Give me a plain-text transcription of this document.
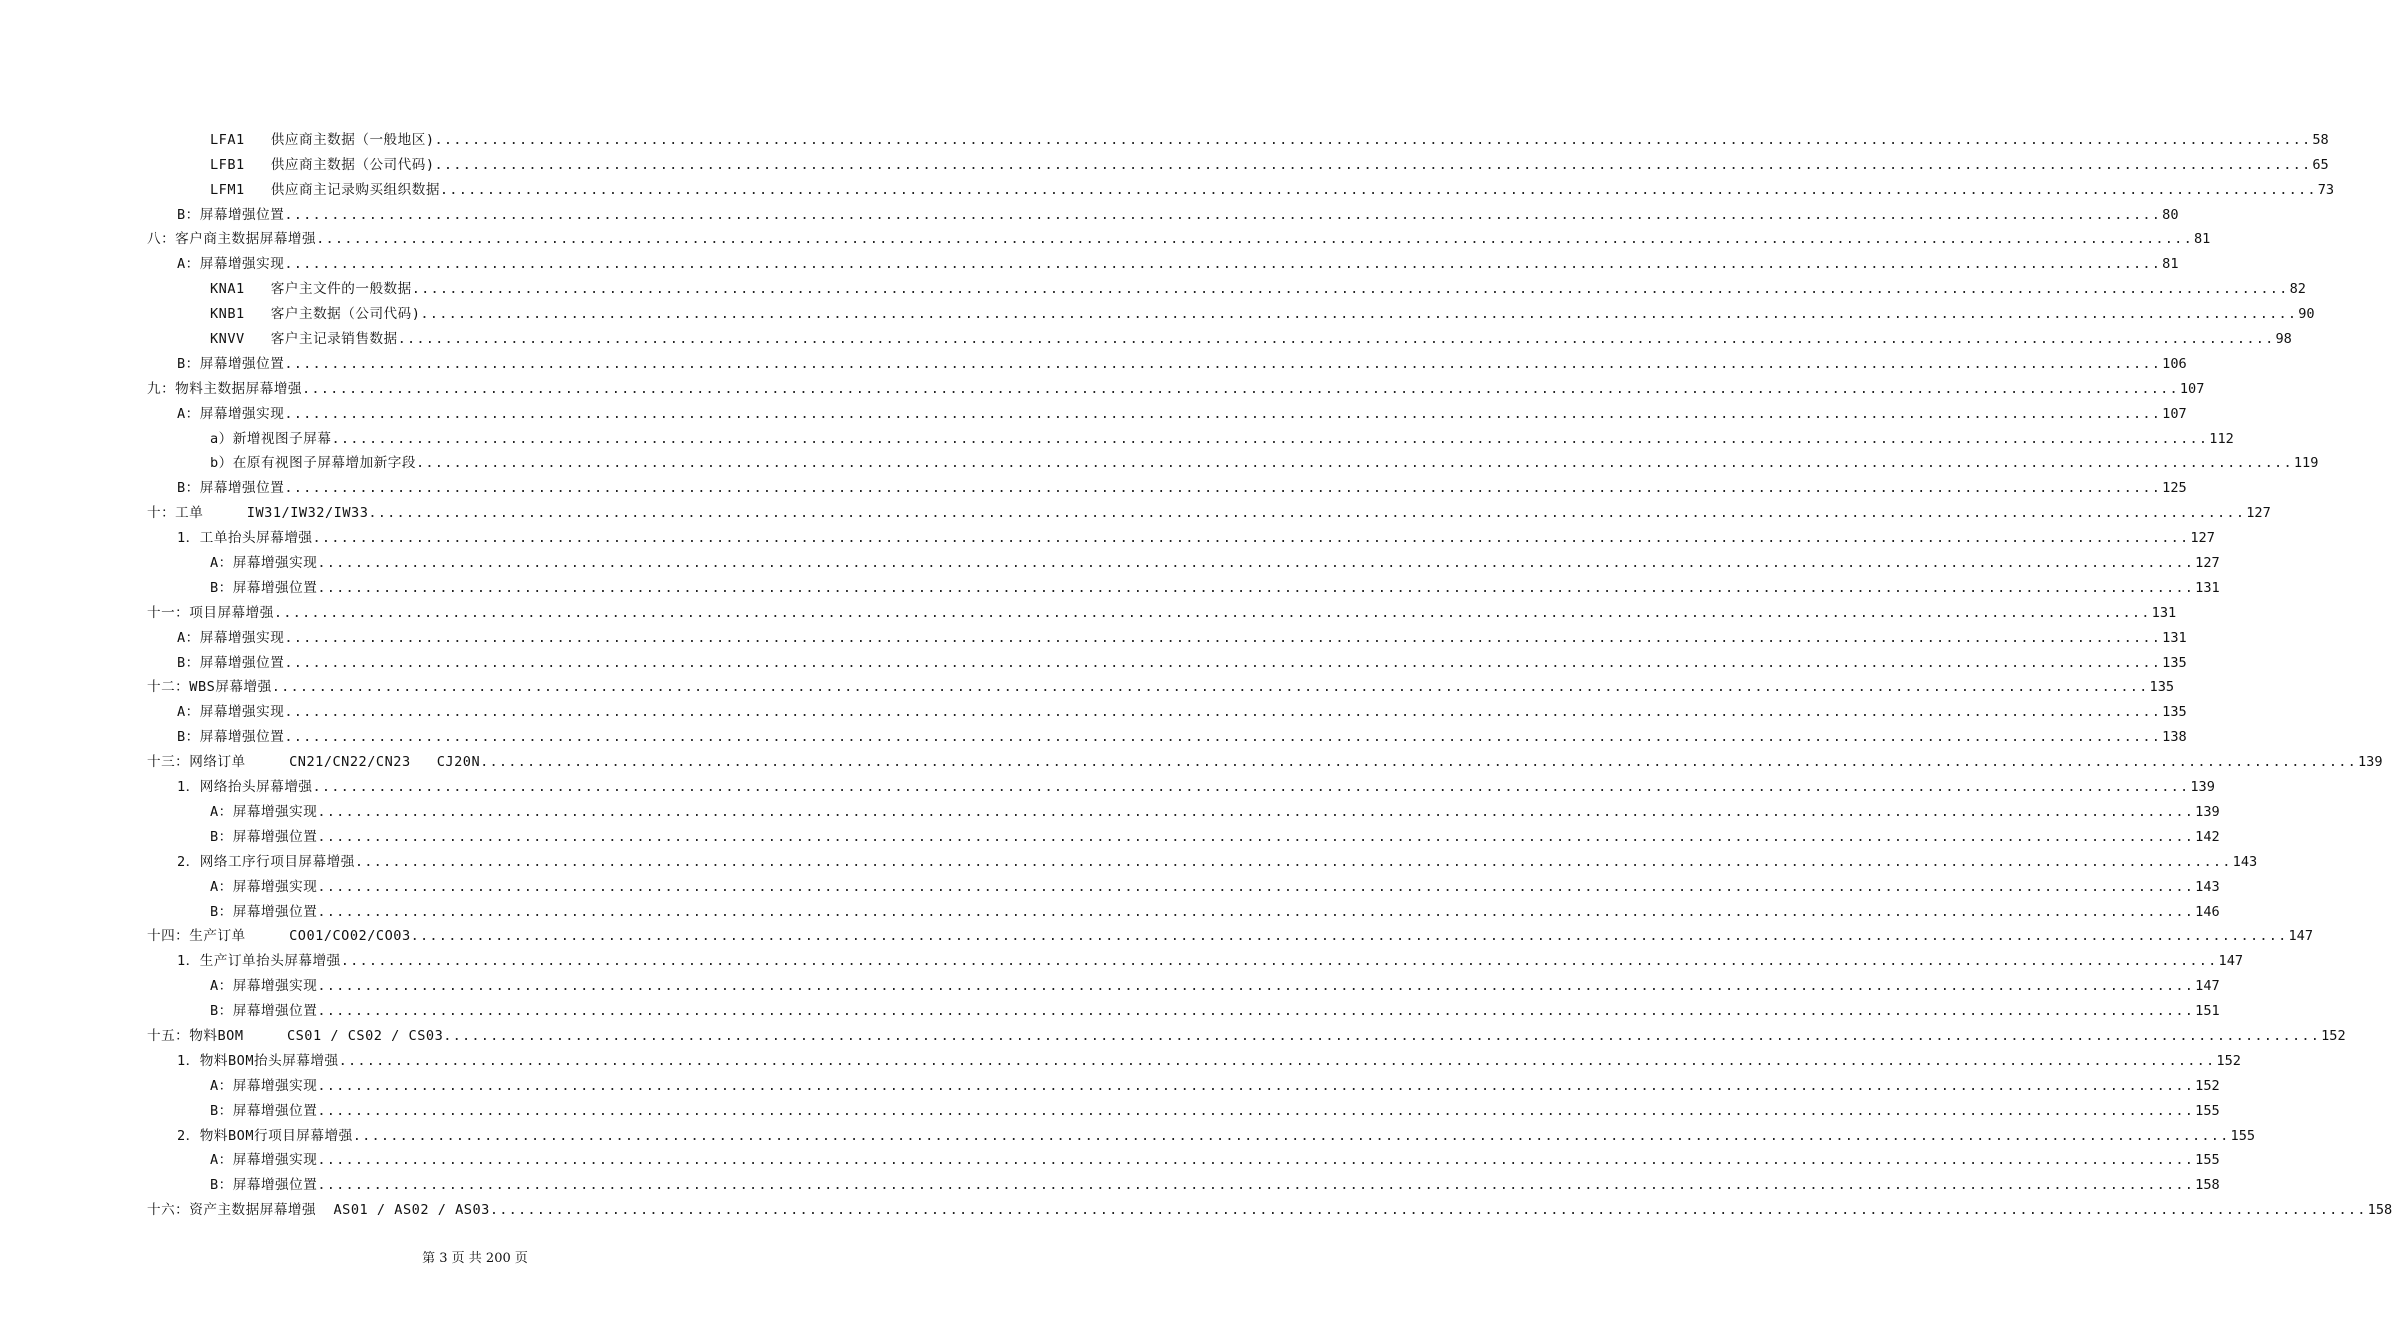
LFA1   供应商主数据（一般地区) ........................................................................................................................................................................................................ 58
LFB1   供应商主数据（公司代码) ........................................................................................................................................................................................................ 65
LFM1   供应商主记录购买组织数据 ........................................................................................................................................................................................................ 73
B：屏幕增强位置 ........................................................................................................................................................................................................ 80
八：客户商主数据屏幕增强 ........................................................................................................................................................................................................ 81
A：屏幕增强实现 ........................................................................................................................................................................................................ 81
KNA1   客户主文件的一般数据 ........................................................................................................................................................................................................ 82
KNB1   客户主数据（公司代码) ........................................................................................................................................................................................................ 90
KNVV   客户主记录销售数据 ........................................................................................................................................................................................................ 98
B：屏幕增强位置 ........................................................................................................................................................................................................ 106
九：物料主数据屏幕增强 ........................................................................................................................................................................................................ 107
A：屏幕增强实现 ........................................................................................................................................................................................................ 107
a）新增视图子屏幕 ........................................................................................................................................................................................................ 112
b）在原有视图子屏幕增加新字段 ........................................................................................................................................................................................................ 119
B：屏幕增强位置 ........................................................................................................................................................................................................ 125
十：工单     IW31/IW32/IW33 ........................................................................................................................................................................................................ 127
1．工单抬头屏幕增强 ........................................................................................................................................................................................................ 127
A：屏幕增强实现 ........................................................................................................................................................................................................ 127
B：屏幕增强位置 ........................................................................................................................................................................................................ 131
十一：项目屏幕增强 ........................................................................................................................................................................................................ 131
A：屏幕增强实现 ........................................................................................................................................................................................................ 131
B：屏幕增强位置 ........................................................................................................................................................................................................ 135
十二：WBS屏幕增强 ........................................................................................................................................................................................................ 135
A：屏幕增强实现 ........................................................................................................................................................................................................ 135
B：屏幕增强位置 ........................................................................................................................................................................................................ 138
十三：网络订单     CN21/CN22/CN23   CJ20N ........................................................................................................................................................................................................ 139
1．网络抬头屏幕增强 ........................................................................................................................................................................................................ 139
A：屏幕增强实现 ........................................................................................................................................................................................................ 139
B：屏幕增强位置 ........................................................................................................................................................................................................ 142
2．网络工序行项目屏幕增强 ........................................................................................................................................................................................................ 143
A：屏幕增强实现 ........................................................................................................................................................................................................ 143
B：屏幕增强位置 ........................................................................................................................................................................................................ 146
十四：生产订单     CO01/CO02/CO03 ........................................................................................................................................................................................................ 147
1．生产订单抬头屏幕增强 ........................................................................................................................................................................................................ 147
A：屏幕增强实现 ........................................................................................................................................................................................................ 147
B：屏幕增强位置 ........................................................................................................................................................................................................ 151
十五：物料BOM     CS01 / CS02 / CS03 ........................................................................................................................................................................................................ 152
1．物料BOM抬头屏幕增强 ........................................................................................................................................................................................................ 152
A：屏幕增强实现 ........................................................................................................................................................................................................ 152
B：屏幕增强位置 ........................................................................................................................................................................................................ 155
2．物料BOM行项目屏幕增强 ........................................................................................................................................................................................................ 155
A：屏幕增强实现 ........................................................................................................................................................................................................ 155
B：屏幕增强位置 ........................................................................................................................................................................................................ 158
十六：资产主数据屏幕增强  AS01 / AS02 / AS03 ........................................................................................................................................................................................................ 158
第 3 页 共 200 页
